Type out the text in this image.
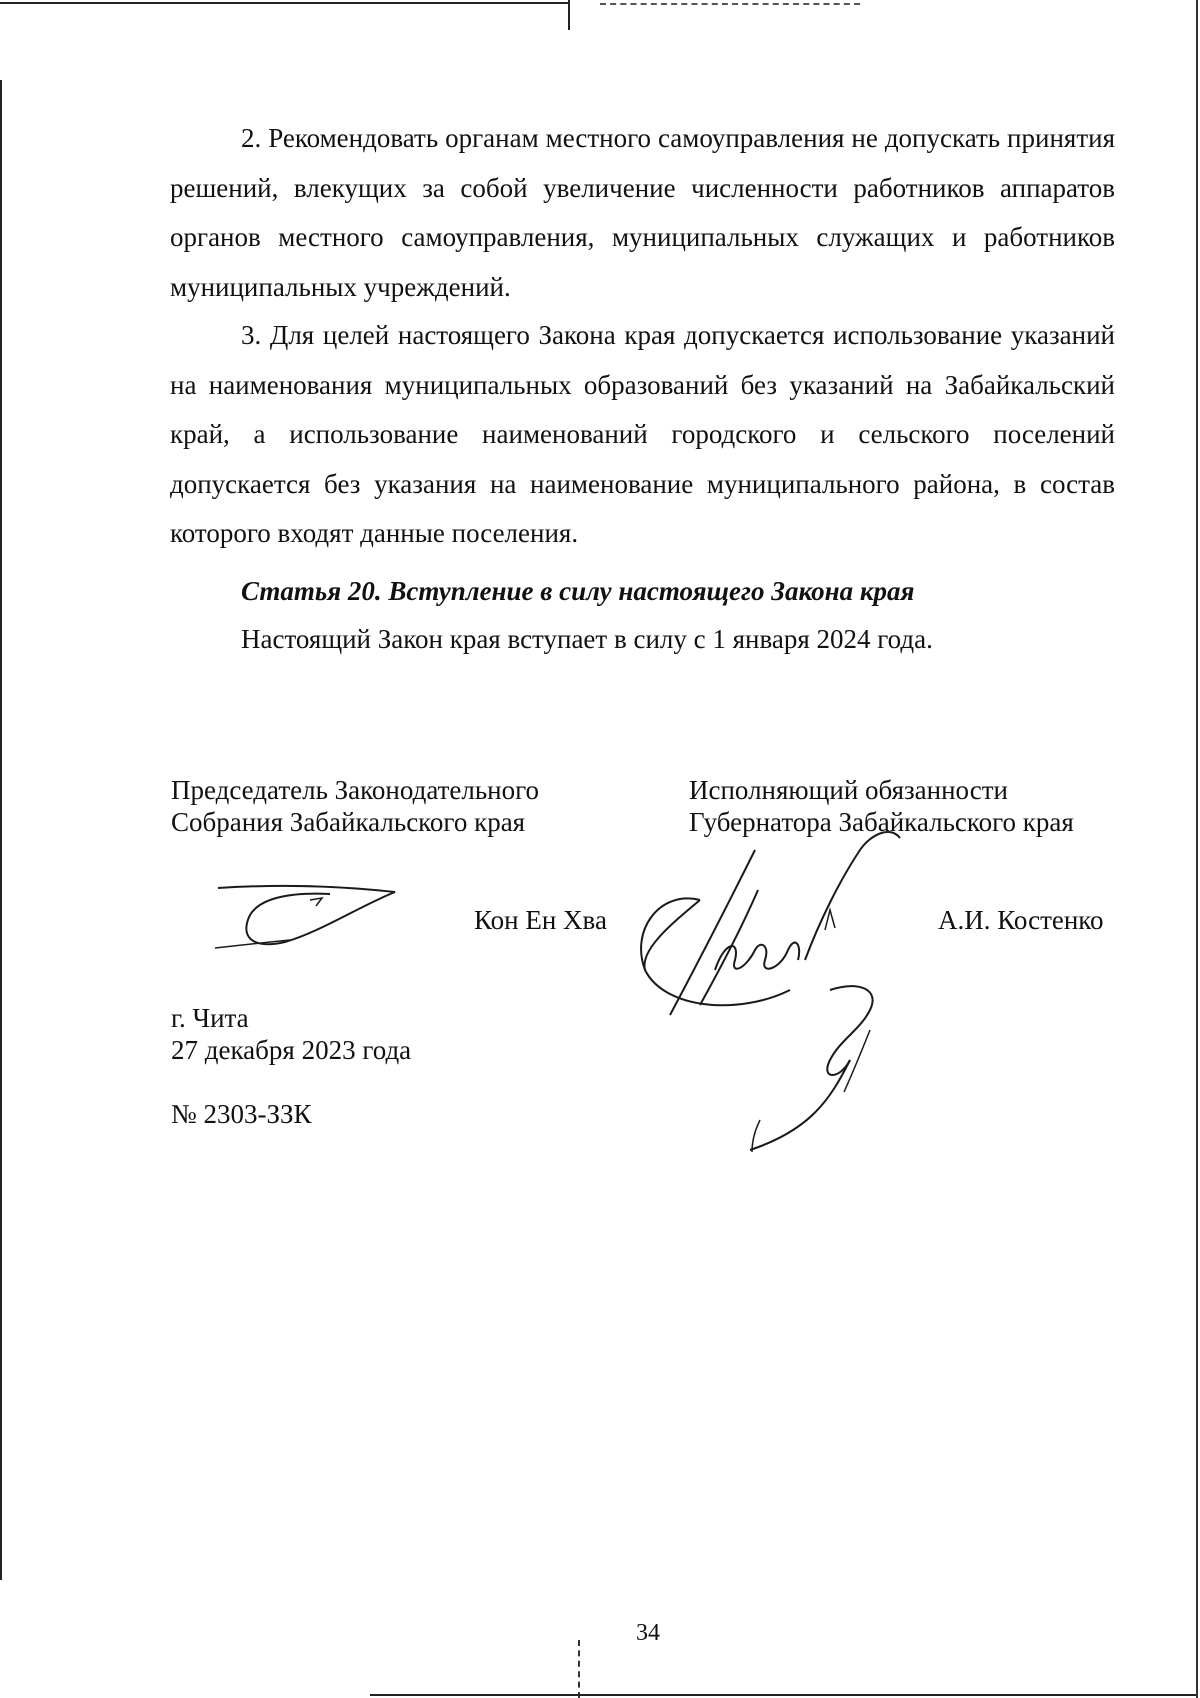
2. Рекомендовать органам местного самоуправления не допускать принятия решений, влекущих за собой увеличение численности работников аппаратов органов местного самоуправления, муниципальных служащих и работников муниципальных учреждений.

3. Для целей настоящего Закона края допускается использование указаний на наименования муниципальных образований без указаний на Забайкальский край, а использование наименований городского и сельского поселений допускается без указания на наименование муниципального района, в состав которого входят данные поселения.

Статья 20. Вступление в силу настоящего Закона края

Настоящий Закон края вступает в силу с 1 января 2024 года.

Председатель Законодательного
Собрания Забайкальского края
Исполняющий обязанности
Губернатора Забайкальского края
Кон Ен Хва	А.И. Костенко
г. Чита
27 декабря 2023 года
№ 2303-ЗЗК
34
